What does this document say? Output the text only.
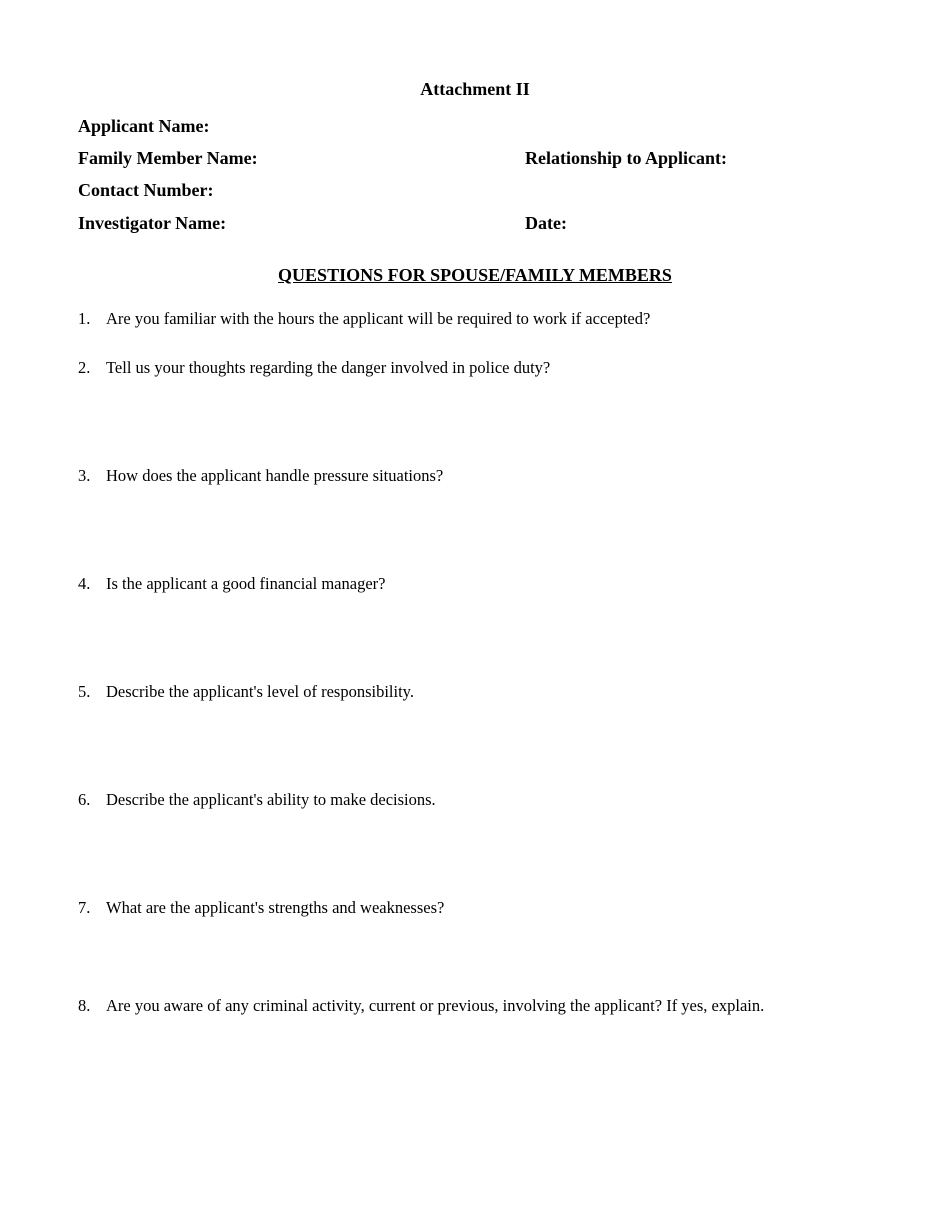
Attachment II
Applicant Name:
Family Member Name:	Relationship to Applicant:
Contact Number:
Investigator Name:	Date:
QUESTIONS FOR SPOUSE/FAMILY MEMBERS
1. Are you familiar with the hours the applicant will be required to work if accepted?
2. Tell us your thoughts regarding the danger involved in police duty?
3. How does the applicant handle pressure situations?
4. Is the applicant a good financial manager?
5. Describe the applicant's level of responsibility.
6. Describe the applicant's ability to make decisions.
7. What are the applicant's strengths and weaknesses?
8. Are you aware of any criminal activity, current or previous, involving the applicant? If yes, explain.
